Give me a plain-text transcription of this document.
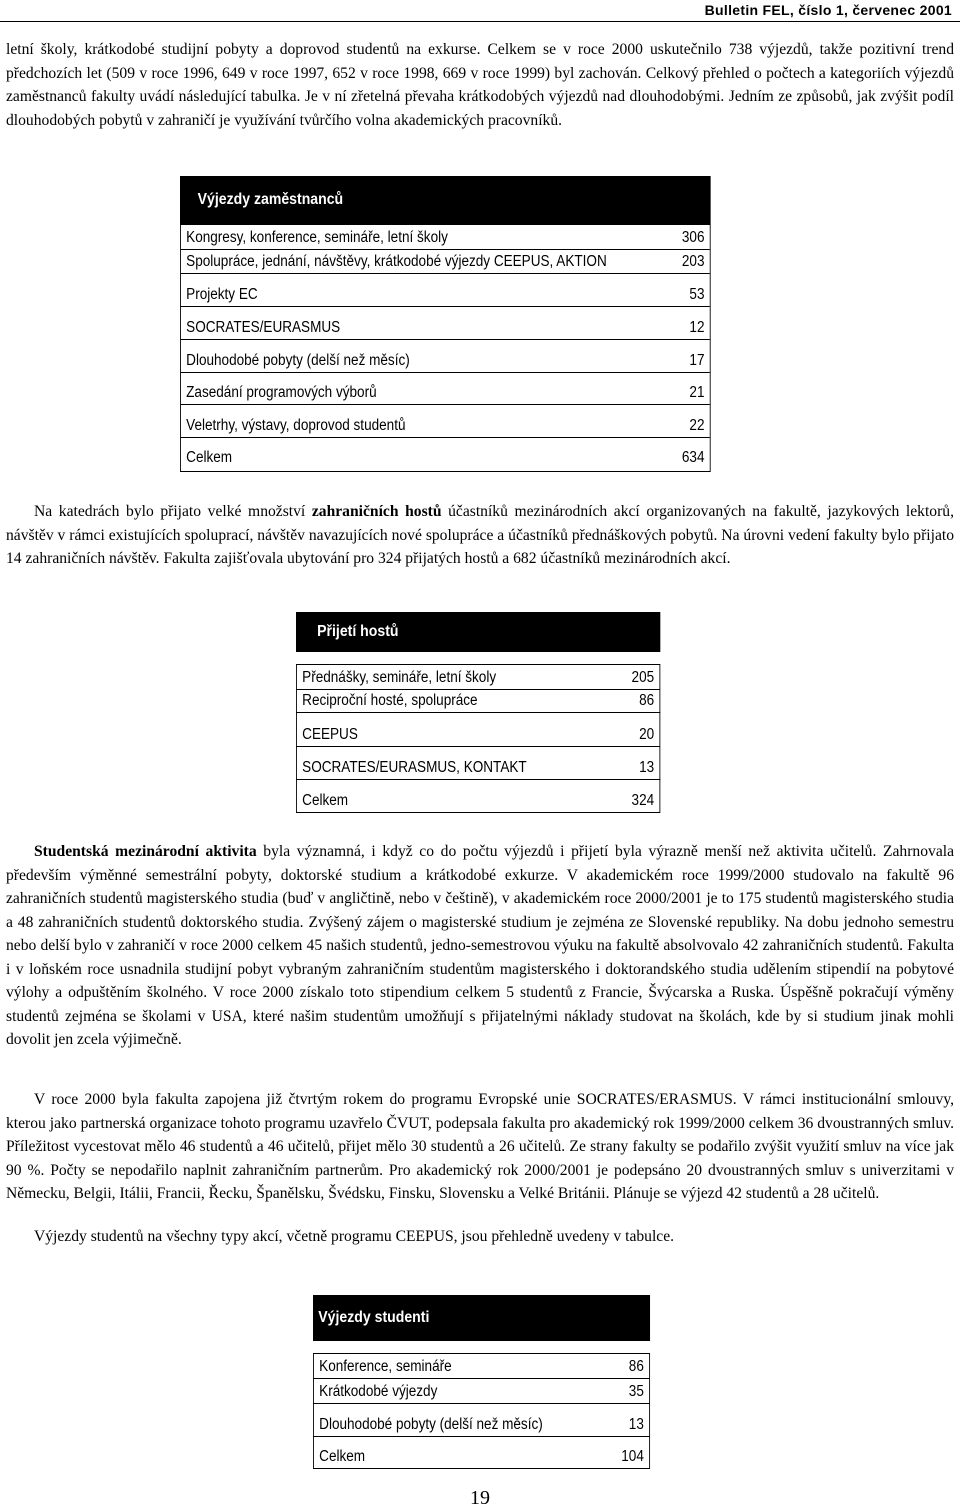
Bulletin FEL, číslo 1, červenec 2001

letní školy, krátkodobé studijní pobyty a doprovod studentů na exkurse. Celkem se v roce 2000 uskutečnilo 738 výjezdů, takže pozitivní trend předchozích let (509 v roce 1996, 649 v roce 1997, 652 v roce 1998, 669 v roce 1999) byl zachován. Celkový přehled o počtech a kategoriích výjezdů zaměstnanců fakulty uvádí následující tabulka. Je v ní zřetelná převaha krátkodobých výjezdů nad dlouhodobými. Jedním ze způsobů, jak zvýšit podíl dlouhodobých pobytů v zahraničí je využívání tvůrčího volna akademických pracovníků.

Výjezdy zaměstnanců
Kongresy, konference, semináře, letní školy	306
Spolupráce, jednání, návštěvy, krátkodobé výjezdy CEEPUS, AKTION	203
Projekty EC	53
SOCRATES/EURASMUS	12
Dlouhodobé pobyty (delší než měsíc)	17
Zasedání programových výborů	21
Veletrhy, výstavy, doprovod studentů	22
Celkem	634

Na katedrách bylo přijato velké množství zahraničních hostů účastníků mezinárodních akcí organizovaných na fakultě, jazykových lektorů, návštěv v rámci existujících spoluprací, návštěv navazujících nové spolupráce a účastníků přednáškových pobytů. Na úrovni vedení fakulty bylo přijato 14 zahraničních návštěv. Fakulta zajišťovala ubytování pro 324 přijatých hostů a 682 účastníků mezinárodních akcí.

Přijetí hostů
Přednášky, semináře, letní školy	205
Reciproční hosté, spolupráce	86
CEEPUS	20
SOCRATES/EURASMUS, KONTAKT	13
Celkem	324

Studentská mezinárodní aktivita byla významná, i když co do počtu výjezdů i přijetí byla výrazně menší než aktivita učitelů. Zahrnovala především výměnné semestrální pobyty, doktorské studium a krátkodobé exkurze. V akademickém roce 1999/2000 studovalo na fakultě 96 zahraničních studentů magisterského studia (buď v angličtině, nebo v češtině), v akademickém roce 2000/2001 je to 175 studentů magisterského studia a 48 zahraničních studentů doktorského studia. Zvýšený zájem o magisterské studium je zejména ze Slovenské republiky. Na dobu jednoho semestru nebo delší bylo v zahraničí v roce 2000 celkem 45 našich studentů, jedno-semestrovou výuku na fakultě absolvovalo 42 zahraničních studentů. Fakulta i v loňském roce usnadnila studijní pobyt vybraným zahraničním studentům magisterského i doktorandského studia udělením stipendií na pobytové výlohy a odpuštěním školného. V roce 2000 získalo toto stipendium celkem 5 studentů z Francie, Švýcarska a Ruska. Úspěšně pokračují výměny studentů zejména se školami v USA, které našim studentům umožňují s přijatelnými náklady studovat na školách, kde by si studium jinak mohli dovolit jen zcela výjimečně.

V roce 2000 byla fakulta zapojena již čtvrtým rokem do programu Evropské unie SOCRATES/ERASMUS. V rámci institucionální smlouvy, kterou jako partnerská organizace tohoto programu uzavřelo ČVUT, podepsala fakulta pro akademický rok 1999/2000 celkem 36 dvoustranných smluv. Příležitost vycestovat mělo 46 studentů a 46 učitelů, přijet mělo 30 studentů a 26 učitelů. Ze strany fakulty se podařilo zvýšit využití smluv na více jak 90 %. Počty se nepodařilo naplnit zahraničním partnerům. Pro akademický rok 2000/2001 je podepsáno 20 dvoustranných smluv s univerzitami v Německu, Belgii, Itálii, Francii, Řecku, Španělsku, Švédsku, Finsku, Slovensku a Velké Británii. Plánuje se výjezd 42 studentů a 28 učitelů.

Výjezdy studentů na všechny typy akcí, včetně programu CEEPUS, jsou přehledně uvedeny v tabulce.

Výjezdy studenti
Konference, semináře	86
Krátkodobé výjezdy	35
Dlouhodobé pobyty (delší než měsíc)	13
Celkem	104
19
